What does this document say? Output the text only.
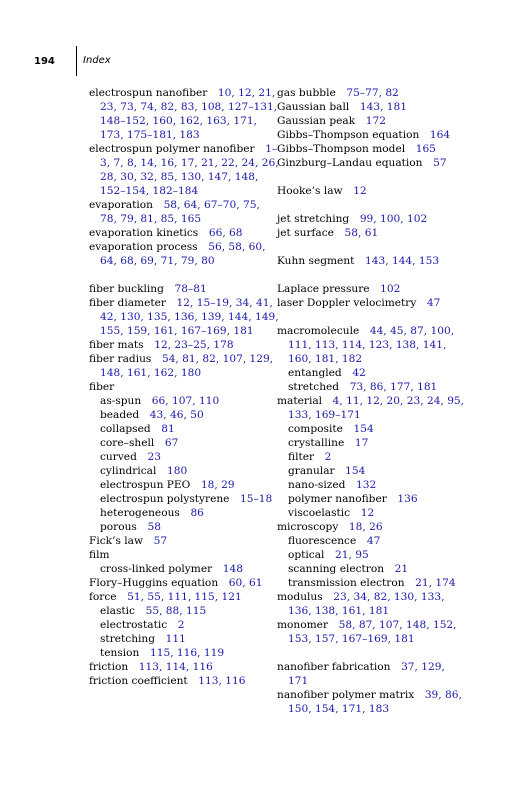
194	Index

electrospun nanofiber  10, 12, 21, 23, 73, 74, 82, 83, 108, 127–131, 148–152, 160, 162, 163, 171, 173, 175–181, 183

electrospun polymer nanofiber  1–3, 7, 8, 14, 16, 17, 21, 22, 24, 26, 28, 30, 32, 85, 130, 147, 148, 152–154, 182–184

evaporation  58, 64, 67–70, 75, 78, 79, 81, 85, 165

evaporation kinetics  66, 68

evaporation process  56, 58, 60, 64, 68, 69, 71, 79, 80

fiber buckling  78–81

fiber diameter  12, 15–19, 34, 41, 42, 130, 135, 136, 139, 144, 149, 155, 159, 161, 167–169, 181

fiber mats  12, 23–25, 178

fiber radius  54, 81, 82, 107, 129, 148, 161, 162, 180

fiber

as-spun  66, 107, 110

beaded  43, 46, 50

collapsed  81

core–shell  67

curved  23

cylindrical  180

electrospun PEO  18, 29

electrospun polystyrene  15–18

heterogeneous  86

porous  58

Fick’s law  57

film

cross-linked polymer  148

Flory–Huggins equation  60, 61

force  51, 55, 111, 115, 121

elastic  55, 88, 115

electrostatic  2

stretching  111

tension  115, 116, 119

friction  113, 114, 116

friction coefficient  113, 116

gas bubble  75–77, 82

Gaussian ball  143, 181

Gaussian peak  172

Gibbs–Thompson equation  164

Gibbs–Thompson model  165

Ginzburg–Landau equation  57

Hooke’s law  12

jet stretching  99, 100, 102

jet surface  58, 61

Kuhn segment  143, 144, 153

Laplace pressure  102

laser Doppler velocimetry  47

macromolecule  44, 45, 87, 100, 111, 113, 114, 123, 138, 141, 160, 181, 182

entangled  42

stretched  73, 86, 177, 181

material  4, 11, 12, 20, 23, 24, 95, 133, 169–171

composite  154

crystalline  17

filter  2

granular  154

nano-sized  132

polymer nanofiber  136

viscoelastic  12

microscopy  18, 26

fluorescence  47

optical  21, 95

scanning electron  21

transmission electron  21, 174

modulus  23, 34, 82, 130, 133, 136, 138, 161, 181

monomer  58, 87, 107, 148, 152, 153, 157, 167–169, 181

nanofiber fabrication  37, 129, 171

nanofiber polymer matrix  39, 86, 150, 154, 171, 183
